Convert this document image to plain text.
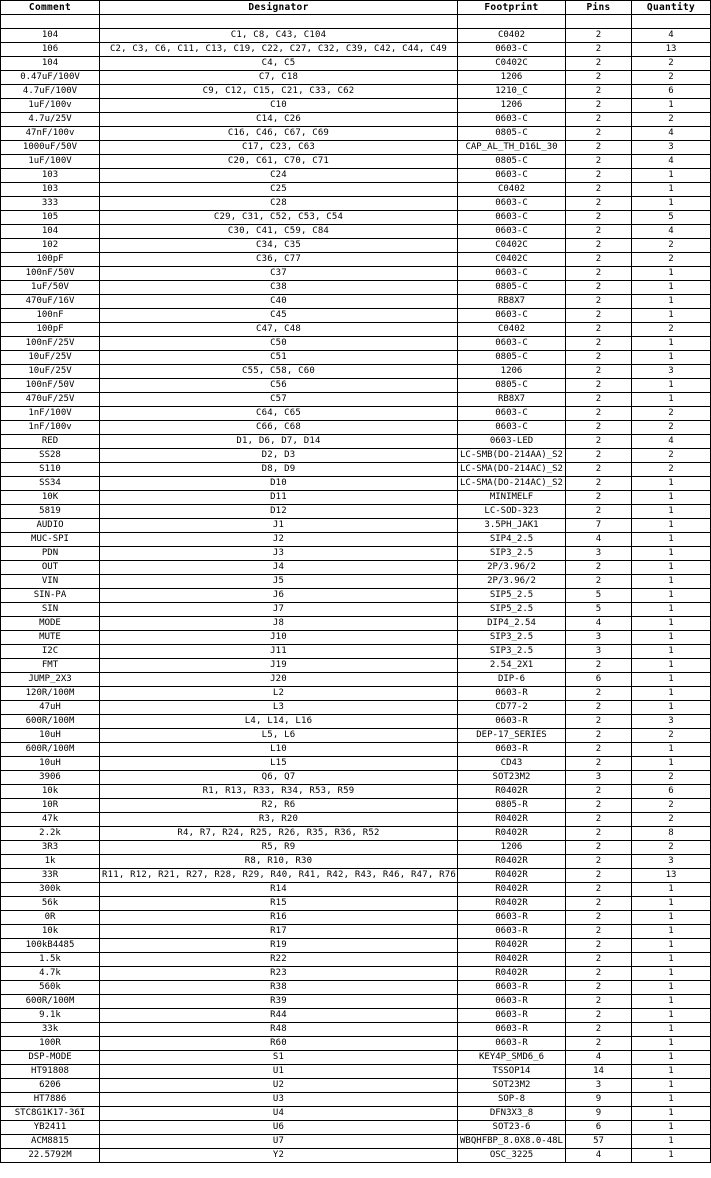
Comment	Designator	Footprint	Pins	Quantity

104	C1, C8, C43, C104	C0402	2	4
106	C2, C3, C6, C11, C13, C19, C22, C27, C32, C39, C42, C44, C49	0603-C	2	13
104	C4, C5	C0402C	2	2
0.47uF/100V	C7, C18	1206	2	2
4.7uF/100V	C9, C12, C15, C21, C33, C62	1210_C	2	6
1uF/100v	C10	1206	2	1
4.7u/25V	C14, C26	0603-C	2	2
47nF/100v	C16, C46, C67, C69	0805-C	2	4
1000uF/50V	C17, C23, C63	CAP_AL_TH_D16L_30	2	3
1uF/100V	C20, C61, C70, C71	0805-C	2	4
103	C24	0603-C	2	1
103	C25	C0402	2	1
333	C28	0603-C	2	1
105	C29, C31, C52, C53, C54	0603-C	2	5
104	C30, C41, C59, C84	0603-C	2	4
102	C34, C35	C0402C	2	2
100pF	C36, C77	C0402C	2	2
100nF/50V	C37	0603-C	2	1
1uF/50V	C38	0805-C	2	1
470uF/16V	C40	RB8X7	2	1
100nF	C45	0603-C	2	1
100pF	C47, C48	C0402	2	2
100nF/25V	C50	0603-C	2	1
10uF/25V	C51	0805-C	2	1
10uF/25V	C55, C58, C60	1206	2	3
100nF/50V	C56	0805-C	2	1
470uF/25V	C57	RB8X7	2	1
1nF/100V	C64, C65	0603-C	2	2
1nF/100v	C66, C68	0603-C	2	2
RED	D1, D6, D7, D14	0603-LED	2	4
SS28	D2, D3	LC-SMB(DO-214AA)_S2	2	2
S110	D8, D9	LC-SMA(DO-214AC)_S2	2	2
SS34	D10	LC-SMA(DO-214AC)_S2	2	1
10K	D11	MINIMELF	2	1
5819	D12	LC-SOD-323	2	1
AUDIO	J1	3.5PH_JAK1	7	1
MUC-SPI	J2	SIP4_2.5	4	1
PDN	J3	SIP3_2.5	3	1
OUT	J4	2P/3.96/2	2	1
VIN	J5	2P/3.96/2	2	1
SIN-PA	J6	SIP5_2.5	5	1
SIN	J7	SIP5_2.5	5	1
MODE	J8	DIP4_2.54	4	1
MUTE	J10	SIP3_2.5	3	1
I2C	J11	SIP3_2.5	3	1
FMT	J19	2.54_2X1	2	1
JUMP_2X3	J20	DIP-6	6	1
120R/100M	L2	0603-R	2	1
47uH	L3	CD77-2	2	1
600R/100M	L4, L14, L16	0603-R	2	3
10uH	L5, L6	DEP-17_SERIES	2	2
600R/100M	L10	0603-R	2	1
10uH	L15	CD43	2	1
3906	Q6, Q7	SOT23M2	3	2
10k	R1, R13, R33, R34, R53, R59	R0402R	2	6
10R	R2, R6	0805-R	2	2
47k	R3, R20	R0402R	2	2
2.2k	R4, R7, R24, R25, R26, R35, R36, R52	R0402R	2	8
3R3	R5, R9	1206	2	2
1k	R8, R10, R30	R0402R	2	3
33R	R11, R12, R21, R27, R28, R29, R40, R41, R42, R43, R46, R47, R76	R0402R	2	13
300k	R14	R0402R	2	1
56k	R15	R0402R	2	1
0R	R16	0603-R	2	1
10k	R17	0603-R	2	1
100kB4485	R19	R0402R	2	1
1.5k	R22	R0402R	2	1
4.7k	R23	R0402R	2	1
560k	R38	0603-R	2	1
600R/100M	R39	0603-R	2	1
9.1k	R44	0603-R	2	1
33k	R48	0603-R	2	1
100R	R60	0603-R	2	1
DSP-MODE	S1	KEY4P_SMD6_6	4	1
HT91808	U1	TSSOP14	14	1
6206	U2	SOT23M2	3	1
HT7886	U3	SOP-8	9	1
STC8G1K17-36I	U4	DFN3X3_8	9	1
YB2411	U6	SOT23-6	6	1
ACM8815	U7	WBQHFBP_8.0X8.0-48L	57	1
22.5792M	Y2	OSC_3225	4	1
